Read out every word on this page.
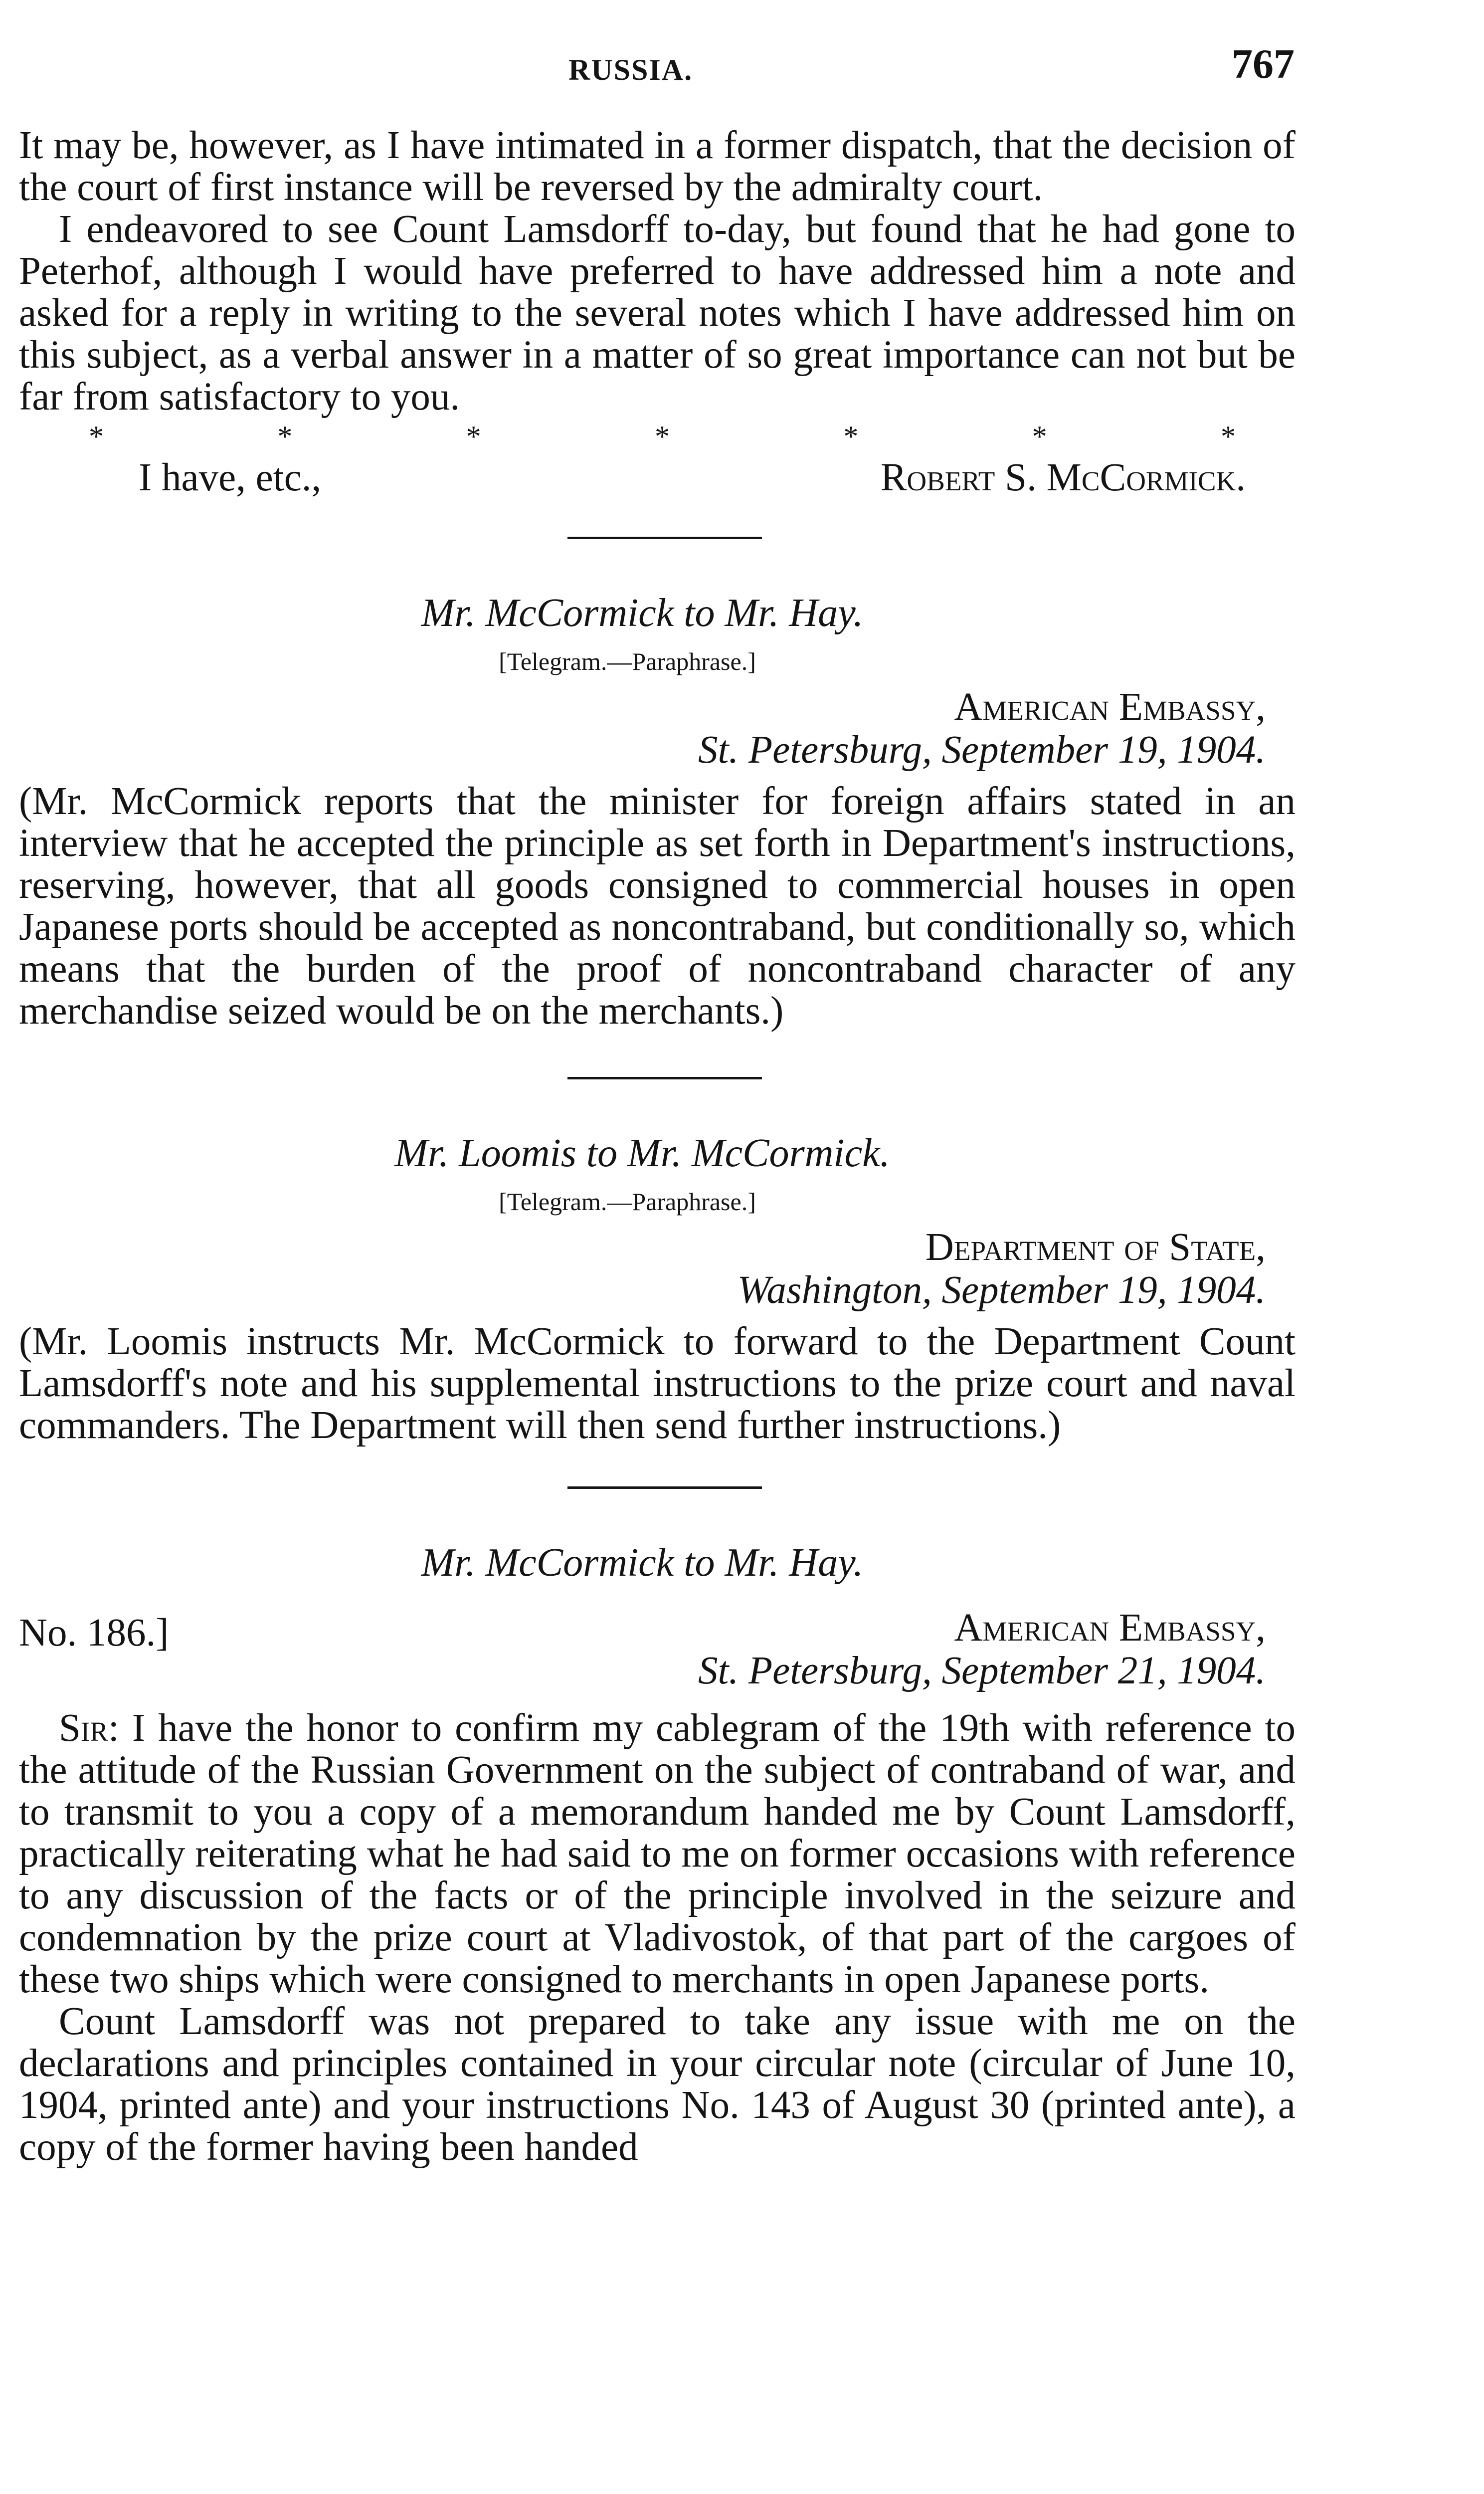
RUSSIA.	767

It may be, however, as I have intimated in a former dispatch, that the decision of the court of first instance will be reversed by the admiralty court.

I endeavored to see Count Lamsdorff to-day, but found that he had gone to Peterhof, although I would have preferred to have addressed him a note and asked for a reply in writing to the several notes which I have addressed him on this subject, as a verbal answer in a matter of so great importance can not but be far from satisfactory to you.

*	*	*	*	*	*	*
I have, etc.,	Robert S. McCormick.
Mr. McCormick to Mr. Hay.
[Telegram.—Paraphrase.]
American Embassy,
St. Petersburg, September 19, 1904.

(Mr. McCormick reports that the minister for foreign affairs stated in an interview that he accepted the principle as set forth in Department's instructions, reserving, however, that all goods consigned to commercial houses in open Japanese ports should be accepted as noncontraband, but conditionally so, which means that the burden of the proof of noncontraband character of any merchandise seized would be on the merchants.)

Mr. Loomis to Mr. McCormick.
[Telegram.—Paraphrase.]
Department of State,
Washington, September 19, 1904.

(Mr. Loomis instructs Mr. McCormick to forward to the Department Count Lamsdorff's note and his supplemental instructions to the prize court and naval commanders. The Department will then send further instructions.)

Mr. McCormick to Mr. Hay.
No. 186.]	American Embassy,
St. Petersburg, September 21, 1904.

Sir: I have the honor to confirm my cablegram of the 19th with reference to the attitude of the Russian Government on the subject of contraband of war, and to transmit to you a copy of a memorandum handed me by Count Lamsdorff, practically reiterating what he had said to me on former occasions with reference to any discussion of the facts or of the principle involved in the seizure and condemnation by the prize court at Vladivostok, of that part of the cargoes of these two ships which were consigned to merchants in open Japanese ports.

Count Lamsdorff was not prepared to take any issue with me on the declarations and principles contained in your circular note (circular of June 10, 1904, printed ante) and your instructions No. 143 of August 30 (printed ante), a copy of the former having been handed
